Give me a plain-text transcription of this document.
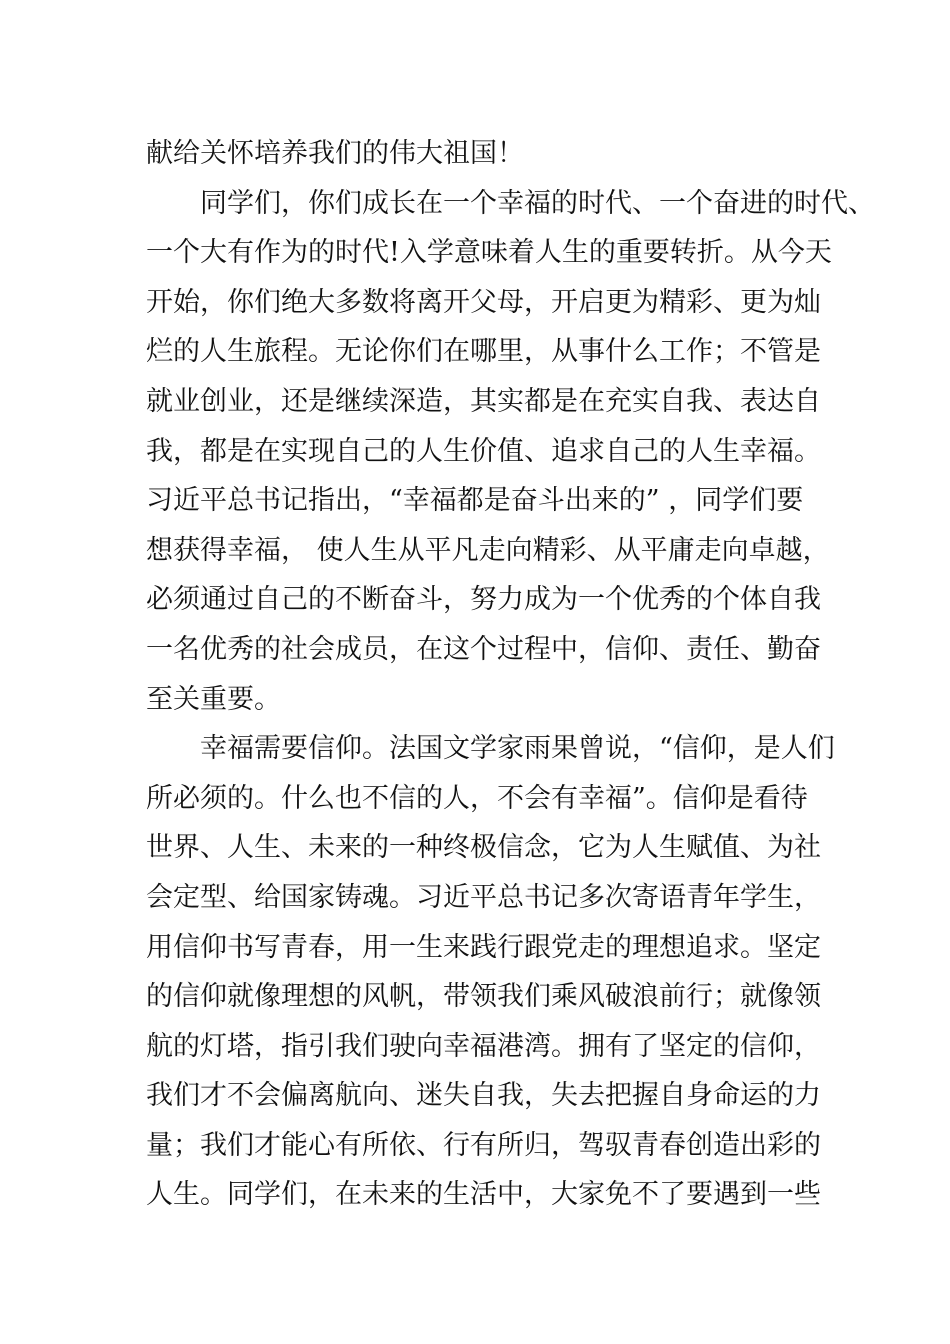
献给关怀培养我们的伟大祖国！
　　同学们，你们成长在一个幸福的时代、一个奋进的时代、
一个大有作为的时代!入学意味着人生的重要转折。从今天
开始，你们绝大多数将离开父母，开启更为精彩、更为灿
烂的人生旅程。无论你们在哪里，从事什么工作；不管是
就业创业，还是继续深造，其实都是在充实自我、表达自
我，都是在实现自己的人生价值、追求自己的人生幸福。
习近平总书记指出，“幸福都是奋斗出来的” ，同学们要
想获得幸福， 使人生从平凡走向精彩、从平庸走向卓越，
必须通过自己的不断奋斗，努力成为一个优秀的个体自我
一名优秀的社会成员，在这个过程中，信仰、责任、勤奋
至关重要。
　　幸福需要信仰。法国文学家雨果曾说，“信仰，是人们
所必须的。什么也不信的人，不会有幸福”。信仰是看待
世界、人生、未来的一种终极信念，它为人生赋值、为社
会定型、给国家铸魂。习近平总书记多次寄语青年学生，
用信仰书写青春，用一生来践行跟党走的理想追求。坚定
的信仰就像理想的风帆，带领我们乘风破浪前行；就像领
航的灯塔，指引我们驶向幸福港湾。拥有了坚定的信仰，
我们才不会偏离航向、迷失自我，失去把握自身命运的力
量；我们才能心有所依、行有所归，驾驭青春创造出彩的
人生。同学们，在未来的生活中，大家免不了要遇到一些
